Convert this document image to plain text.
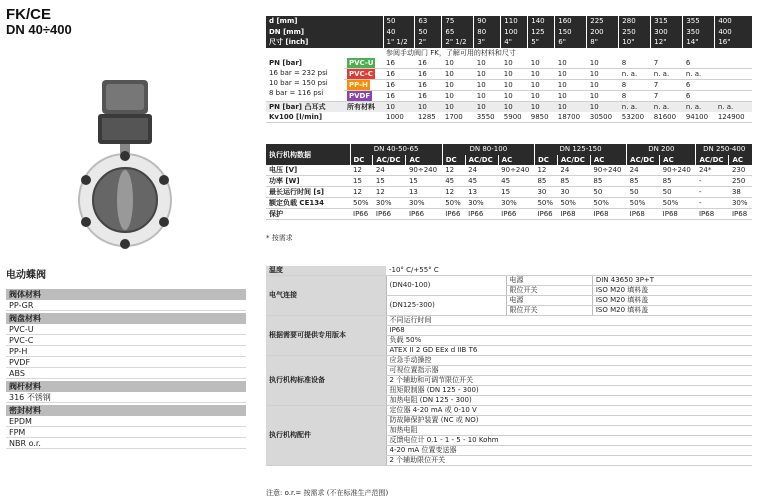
FK/CE
DN 40÷400
电动蝶阀
阀体材料
PP-GR
阀盘材料
PVC-U
PVC-C
PP-H
PVDF
ABS
阀杆材料
316 不锈钢
密封材料
EPDM
FPM
NBR o.r.
d [mm]		50	63	75	90	110	140	160	225	280	315	355	400
DN [mm]		40	50	65	80	100	125	150	200	250	300	350	400
尺寸 [inch]		1" 1/2	2"	2" 1/2	3"	4"	5"	6"	8"	10"	12"	14"	16"
		参阅手动阀门 FK，了解可用的材料和尺寸											

PN [bar]
16 bar = 232 psi
10 bar = 150 psi
8 bar = 116 psi	PVC-U	16	16	10	10	10	10	10	10	8	7	6	
	PVC-C	16	16	10	10	10	10	10	10	n. a.	n. a.	n. a.	
	PP-H	16	16	10	10	10	10	10	10	8	7	6	
	PVDF	16	16	10	10	10	10	10	10	8	7	6	
PN [bar] 凸耳式	所有材料	10	10	10	10	10	10	10	10	n. a.	n. a.	n. a.	n. a.
Kv100 [l/min]		1000	1285	1700	3550	5900	9850	18700	30500	53200	81600	94100	124900
执行机构数据	DN 40-50-65			DN 80-100			DN 125-150			DN 200		DN 250-400	
	DC	AC/DC	AC	DC	AC/DC	AC	DC	AC/DC	AC	AC/DC	AC	AC/DC	AC
电压 [V]	12	24	90÷240	12	24	90÷240	12	24	90÷240	24	90÷240	24*	230
功率 [W]	15	15	15	45	45	45	85	85	85	85	85	-	250
最长运行时间 [s]	12	12	13	12	13	15	30	30	50	50	50	-	38
额定负载 CE134	50%	30%	30%	50%	30%	30%	50%	50%	50%	50%	50%	-	30%
保护	IP66	IP66	IP66	IP66	IP66	IP66	IP66	IP68	IP68	IP68	IP68	IP68	IP68
* 按需求
温度	-10° C/+55° C		
电气连接	(DN40-100)	电源	DIN 43650 3P+T
		限位开关	ISO M20 填料盖
	(DN125-300)	电源	ISO M20 填料盖
		限位开关	ISO M20 填料盖
根据需要可提供专用版本	不同运行时间		
	IP68		
	负载 50%		
	ATEX II 2 GD EEx d IIB T6		
执行机构标准设备	应急手动操控		
	可视位置指示器		
	2 个辅助和可调节限位开关		
	扭矩限制器 (DN 125 - 300)		
	加热电阻 (DN 125 - 300)		
执行机构配件	定位器 4-20 mA 或 0-10 V		
	防故障保护装置 (NC 或 NO)		
	加热电阻		
	反馈电位计 0.1 - 1 - 5 - 10 Kohm		
	4-20 mA 位置变送器		
	2 个辅助限位开关		
注意: o.r.= 按需求 (不在标准生产范围)
